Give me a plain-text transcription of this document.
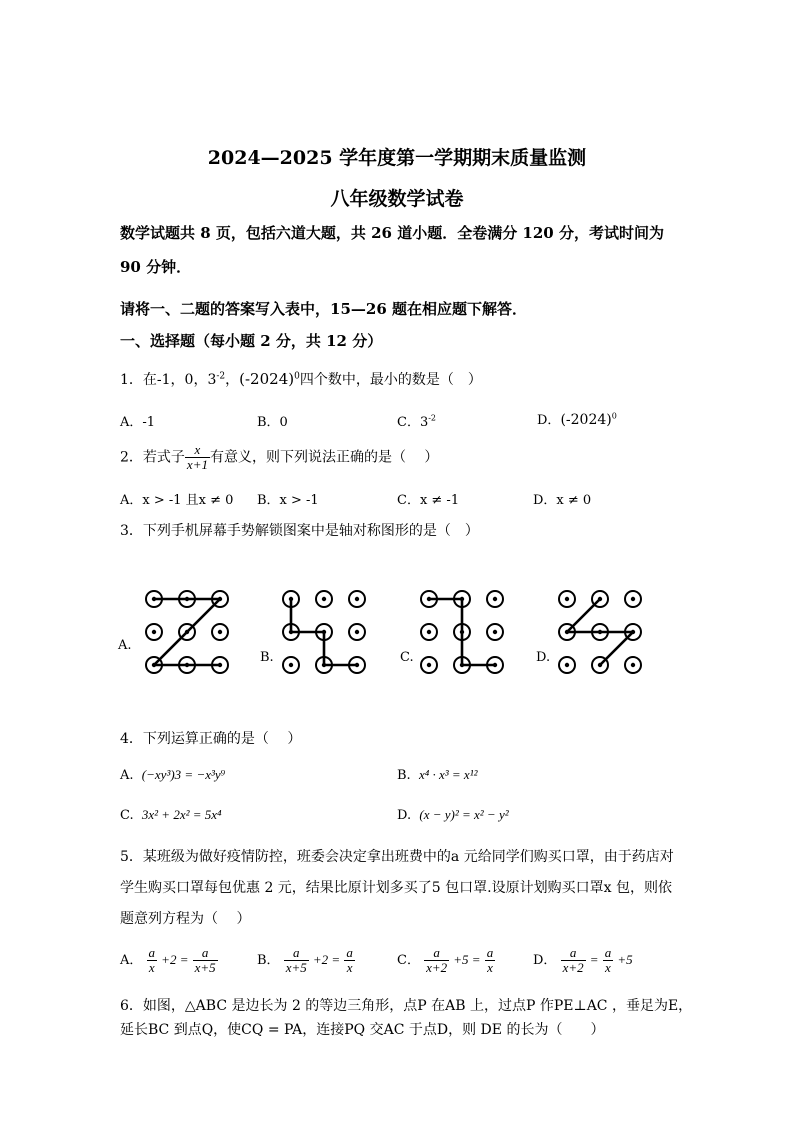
2024—2025 学年度第一学期期末质量监测
八年级数学试卷
数学试题共 8 页，包括六道大题，共 26 道小题．全卷满分 120 分，考试时间为
90 分钟．
请将一、二题的答案写入表中，15—26 题在相应题下解答．
一、选择题（每小题 2 分，共 12 分）
1．在-1，0，$3^{-2}$，$(-2024)^0$四个数中，最小的数是（　）
A．-1	B．0	C．$3^{-2}$	D．$(-2024)^0$
2．若式子 $\frac{x}{x+1}$ 有意义，则下列说法正确的是（　 ）
A．x > -1 且x ≠ 0 B．x > -1	C．x ≠ -1	D．x ≠ 0
3．下列手机屏幕手势解锁图案中是轴对称图形的是（　）
A.
B.	C.	D.
4．下列运算正确的是（　 ）
A. (−xy³)3 = −x³y⁹	B. x⁴ · x³ = x¹²
C. 3x² + 2x² = 5x⁴	D. (x − y)² = x² − y²
5．某班级为做好疫情防控，班委会决定拿出班费中的a 元给同学们购买口罩，由于药店对
学生购买口罩每包优惠 2 元，结果比原计划多买了5 包口罩.设原计划购买口罩x 包，则依
题意列方程为（　 ）
A． $\frac{a}{x} +2 = \frac{a}{x+5}$	B． $\frac{a}{x+5} +2 = \frac{a}{x}$	C． $\frac{a}{x+2} +5 = \frac{a}{x}$	D． $\frac{a}{x+2} = \frac{a}{x} +5$
6．如图，△ABC 是边长为 2 的等边三角形，点P 在AB 上，过点P 作PE⊥AC ，垂足为E，
延长BC 到点Q，使CQ = PA，连接PQ 交AC 于点D，则 DE 的长为（　　）
